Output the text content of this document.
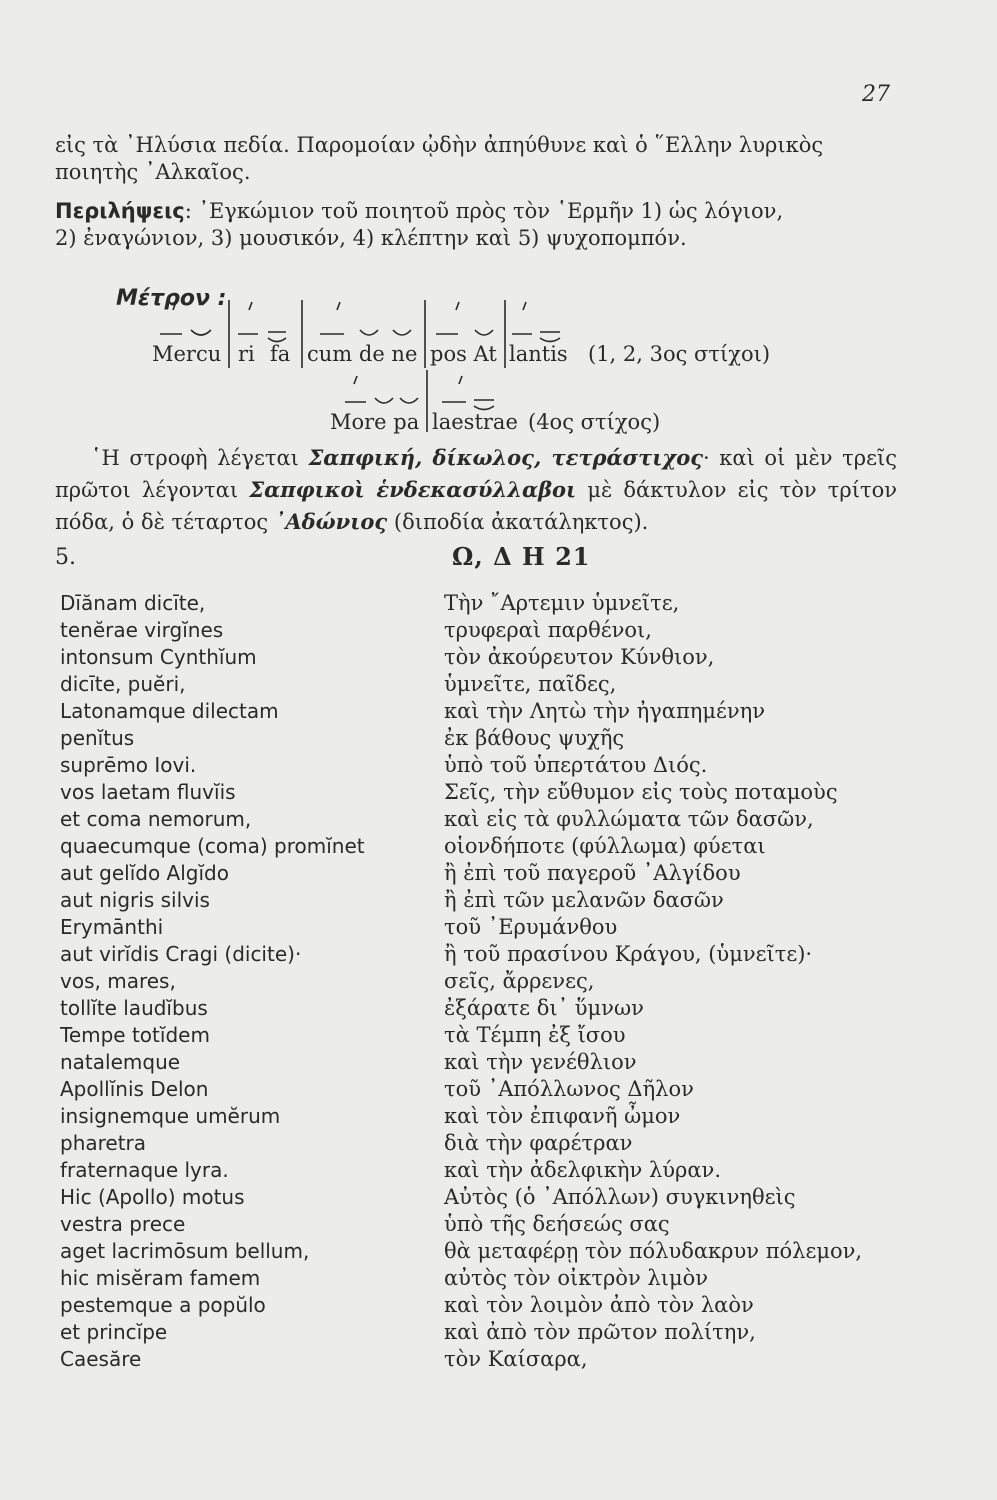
27
εἰς τὰ ᾿Ηλύσια πεδία. Παρομοίαν ᾠδὴν ἀπηύθυνε καὶ ὁ ῞Ελλην λυρικὸς
ποιητὴς ᾿Αλκαῖος.
Περιλήψεις: ᾿Εγκώμιον τοῦ ποιητοῦ πρὸς τὸν ῾Ερμῆν 1) ὡς λόγιον,
2) ἐναγώνιον, 3) μουσικόν, 4) κλέπτην καὶ 5) ψυχοπομπόν.
Μέτρον :
Mercu ri fa cum de ne pos At lantis (1, 2, 3ος στίχοι)
More pa laestrae (4ος στίχος)
῾Η στροφὴ λέγεται Σαπφική, δίκωλος, τετράστιχος· καὶ οἱ μὲν τρεῖς πρῶτοι λέγονται Σαπφικοὶ ἑνδεκασύλλαβοι μὲ δάκτυλον εἰς τὸν τρίτον πόδα, ὁ δὲ τέταρτος ᾿Αδώνιος (διποδία ἀκατάληκτος).
5.	Ω, Δ Η 21
Dīănam dicīte,
tenĕrae virgĭnes
intonsum Cynthĭum
dicīte, puĕri,
Latonamque dilectam
penĭtus
suprēmo Iovi.
vos laetam fluvĭis
et coma nemorum,
quaecumque (coma) promĭnet
aut gelĭdo Algĭdo
aut nigris silvis
Erymānthi
aut virĭdis Cragi (dicite)·
vos, mares,
tollĭte laudĭbus
Tempe totĭdem
natalemque
Apollĭnis Delon
insignemque umĕrum
pharetra
fraternaque lyra.
Hic (Apollo) motus
vestra prece
aget lacrimōsum bellum,
hic misĕram famem
pestemque a popŭlo
et princĭpe
Caesăre
Τὴν ῎Αρτεμιν ὑμνεῖτε,
τρυφεραὶ παρθένοι,
τὸν ἀκούρευτον Κύνθιον,
ὑμνεῖτε, παῖδες,
καὶ τὴν Λητὼ τὴν ἠγαπημένην
ἐκ βάθους ψυχῆς
ὑπὸ τοῦ ὑπερτάτου Διός.
Σεῖς, τὴν εὔθυμον εἰς τοὺς ποταμοὺς
καὶ εἰς τὰ φυλλώματα τῶν δασῶν,
οἱονδήποτε (φύλλωμα) φύεται
ἢ ἐπὶ τοῦ παγεροῦ ᾿Αλγίδου
ἢ ἐπὶ τῶν μελανῶν δασῶν
τοῦ ᾿Ερυμάνθου
ἢ τοῦ πρασίνου Κράγου, (ὑμνεῖτε)·
σεῖς, ἄρρενες,
ἐξάρατε δι᾿ ὕμνων
τὰ Τέμπη ἐξ ἴσου
καὶ τὴν γενέθλιον
τοῦ ᾿Απόλλωνος Δῆλον
καὶ τὸν ἐπιφανῆ ὦμον
διὰ τὴν φαρέτραν
καὶ τὴν ἀδελφικὴν λύραν.
Αὐτὸς (ὁ ᾿Απόλλων) συγκινηθεὶς
ὑπὸ τῆς δεήσεώς σας
θὰ μεταφέρῃ τὸν πόλυδακρυν πόλεμον,
αὐτὸς τὸν οἰκτρὸν λιμὸν
καὶ τὸν λοιμὸν ἀπὸ τὸν λαὸν
καὶ ἀπὸ τὸν πρῶτον πολίτην,
τὸν Καίσαρα,
